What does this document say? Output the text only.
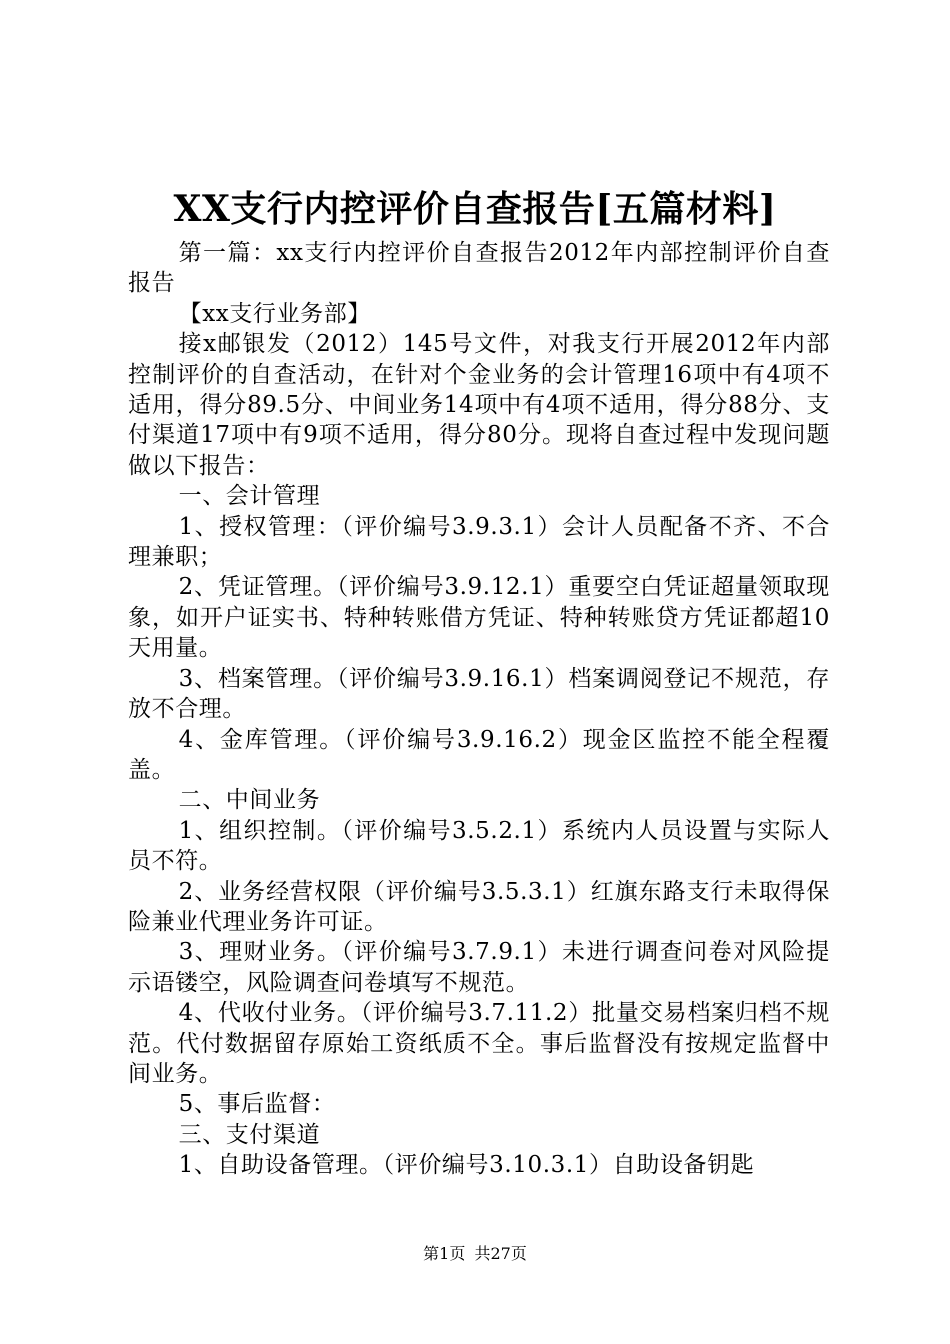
XX支行内控评价自查报告[五篇材料]

第一篇：xx支行内控评价自查报告2012年内部控制评价自查报告

【xx支行业务部】

接x邮银发（2012）145号文件，对我支行开展2012年内部控制评价的自查活动，在针对个金业务的会计管理16项中有4项不适用，得分89.5分、中间业务14项中有4项不适用，得分88分、支付渠道17项中有9项不适用，得分80分。现将自查过程中发现问题做以下报告：

一、会计管理

1、授权管理：（评价编号3.9.3.1）会计人员配备不齐、不合理兼职；

2、凭证管理。（评价编号3.9.12.1）重要空白凭证超量领取现象，如开户证实书、特种转账借方凭证、特种转账贷方凭证都超10天用量。

3、档案管理。（评价编号3.9.16.1）档案调阅登记不规范，存放不合理。

4、金库管理。（评价编号3.9.16.2）现金区监控不能全程覆盖。

二、中间业务

1、组织控制。（评价编号3.5.2.1）系统内人员设置与实际人员不符。

2、业务经营权限（评价编号3.5.3.1）红旗东路支行未取得保险兼业代理业务许可证。

3、理财业务。（评价编号3.7.9.1）未进行调查问卷对风险提示语镂空，风险调查问卷填写不规范。

4、代收付业务。（评价编号3.7.11.2）批量交易档案归档不规范。代付数据留存原始工资纸质不全。事后监督没有按规定监督中间业务。

5、事后监督：

三、支付渠道

1、自助设备管理。（评价编号3.10.3.1）自助设备钥匙

第1页 共27页
